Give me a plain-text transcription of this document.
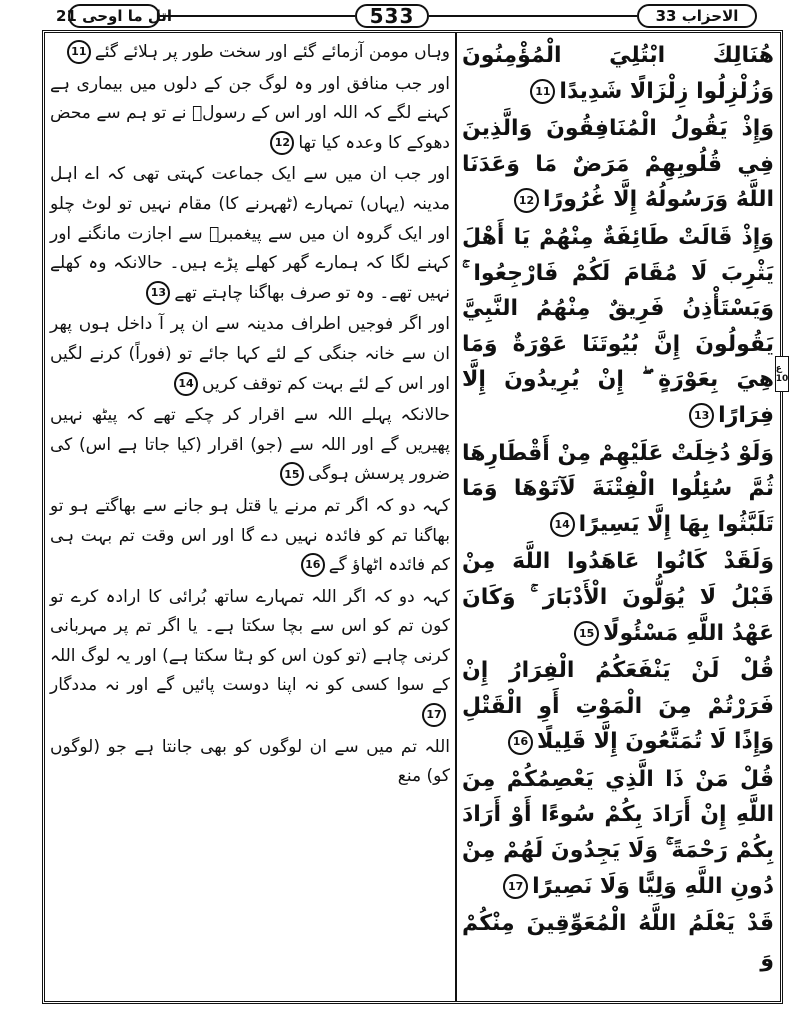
اتل ما اوحی 21	533	الاحزاب 33
ع 10
وہاں مومن آزمائے گئے اور سخت طور پر ہلائے گئے11
اور جب منافق اور وہ لوگ جن کے دلوں میں بیماری ہے کہنے لگے کہ اللہ اور اس کے رسولؐ نے تو ہم سے محض دھوکے کا وعدہ کیا تھا12
اور جب ان میں سے ایک جماعت کہتی تھی کہ اے اہل مدینہ (یہاں) تمہارے (ٹھہرنے کا) مقام نہیں تو لوٹ چلو اور ایک گروہ ان میں سے پیغمبرؐ سے اجازت مانگنے اور کہنے لگا کہ ہمارے گھر کھلے پڑے ہیں۔ حالانکہ وہ کھلے نہیں تھے۔ وہ تو صرف بھاگنا چاہتے تھے13
اور اگر فوجیں اطراف مدینہ سے ان پر آ داخل ہوں پھر ان سے خانہ جنگی کے لئے کہا جائے تو (فوراً) کرنے لگیں اور اس کے لئے بہت کم توقف کریں14
حالانکہ پہلے اللہ سے اقرار کر چکے تھے کہ پیٹھ نہیں پھیریں گے اور اللہ سے (جو) اقرار (کیا جاتا ہے اس) کی ضرور پرسش ہوگی15
کہہ دو کہ اگر تم مرنے یا قتل ہو جانے سے بھاگتے ہو تو بھاگنا تم کو فائدہ نہیں دے گا اور اس وقت تم بہت ہی کم فائدہ اٹھاؤ گے16
کہہ دو کہ اگر اللہ تمہارے ساتھ بُرائی کا ارادہ کرے تو کون تم کو اس سے بچا سکتا ہے۔ یا اگر تم پر مہربانی کرنی چاہے (تو کون اس کو ہٹا سکتا ہے) اور یہ لوگ اللہ کے سوا کسی کو نہ اپنا دوست پائیں گے اور نہ مددگار17
اللہ تم میں سے ان لوگوں کو بھی جانتا ہے جو (لوگوں کو) منع
هُنَالِكَ ابْتُلِيَ الْمُؤْمِنُونَ وَزُلْزِلُوا زِلْزَالًا شَدِيدًا11
وَإِذْ يَقُولُ الْمُنَافِقُونَ وَالَّذِينَ فِي قُلُوبِهِمْ مَرَضٌ مَا وَعَدَنَا اللَّهُ وَرَسُولُهُ إِلَّا غُرُورًا12
وَإِذْ قَالَتْ طَائِفَةٌ مِنْهُمْ يَا أَهْلَ يَثْرِبَ لَا مُقَامَ لَكُمْ فَارْجِعُوا ۚ وَيَسْتَأْذِنُ فَرِيقٌ مِنْهُمُ النَّبِيَّ يَقُولُونَ إِنَّ بُيُوتَنَا عَوْرَةٌ وَمَا هِيَ بِعَوْرَةٍ ۖ إِنْ يُرِيدُونَ إِلَّا فِرَارًا13
وَلَوْ دُخِلَتْ عَلَيْهِمْ مِنْ أَقْطَارِهَا ثُمَّ سُئِلُوا الْفِتْنَةَ لَآتَوْهَا وَمَا تَلَبَّثُوا بِهَا إِلَّا يَسِيرًا14
وَلَقَدْ كَانُوا عَاهَدُوا اللَّهَ مِنْ قَبْلُ لَا يُوَلُّونَ الْأَدْبَارَ ۚ وَكَانَ عَهْدُ اللَّهِ مَسْئُولًا15
قُلْ لَنْ يَنْفَعَكُمُ الْفِرَارُ إِنْ فَرَرْتُمْ مِنَ الْمَوْتِ أَوِ الْقَتْلِ وَإِذًا لَا تُمَتَّعُونَ إِلَّا قَلِيلًا16
قُلْ مَنْ ذَا الَّذِي يَعْصِمُكُمْ مِنَ اللَّهِ إِنْ أَرَادَ بِكُمْ سُوءًا أَوْ أَرَادَ بِكُمْ رَحْمَةً ۚ وَلَا يَجِدُونَ لَهُمْ مِنْ دُونِ اللَّهِ وَلِيًّا وَلَا نَصِيرًا17
قَدْ يَعْلَمُ اللَّهُ الْمُعَوِّقِينَ مِنْكُمْ وَ
